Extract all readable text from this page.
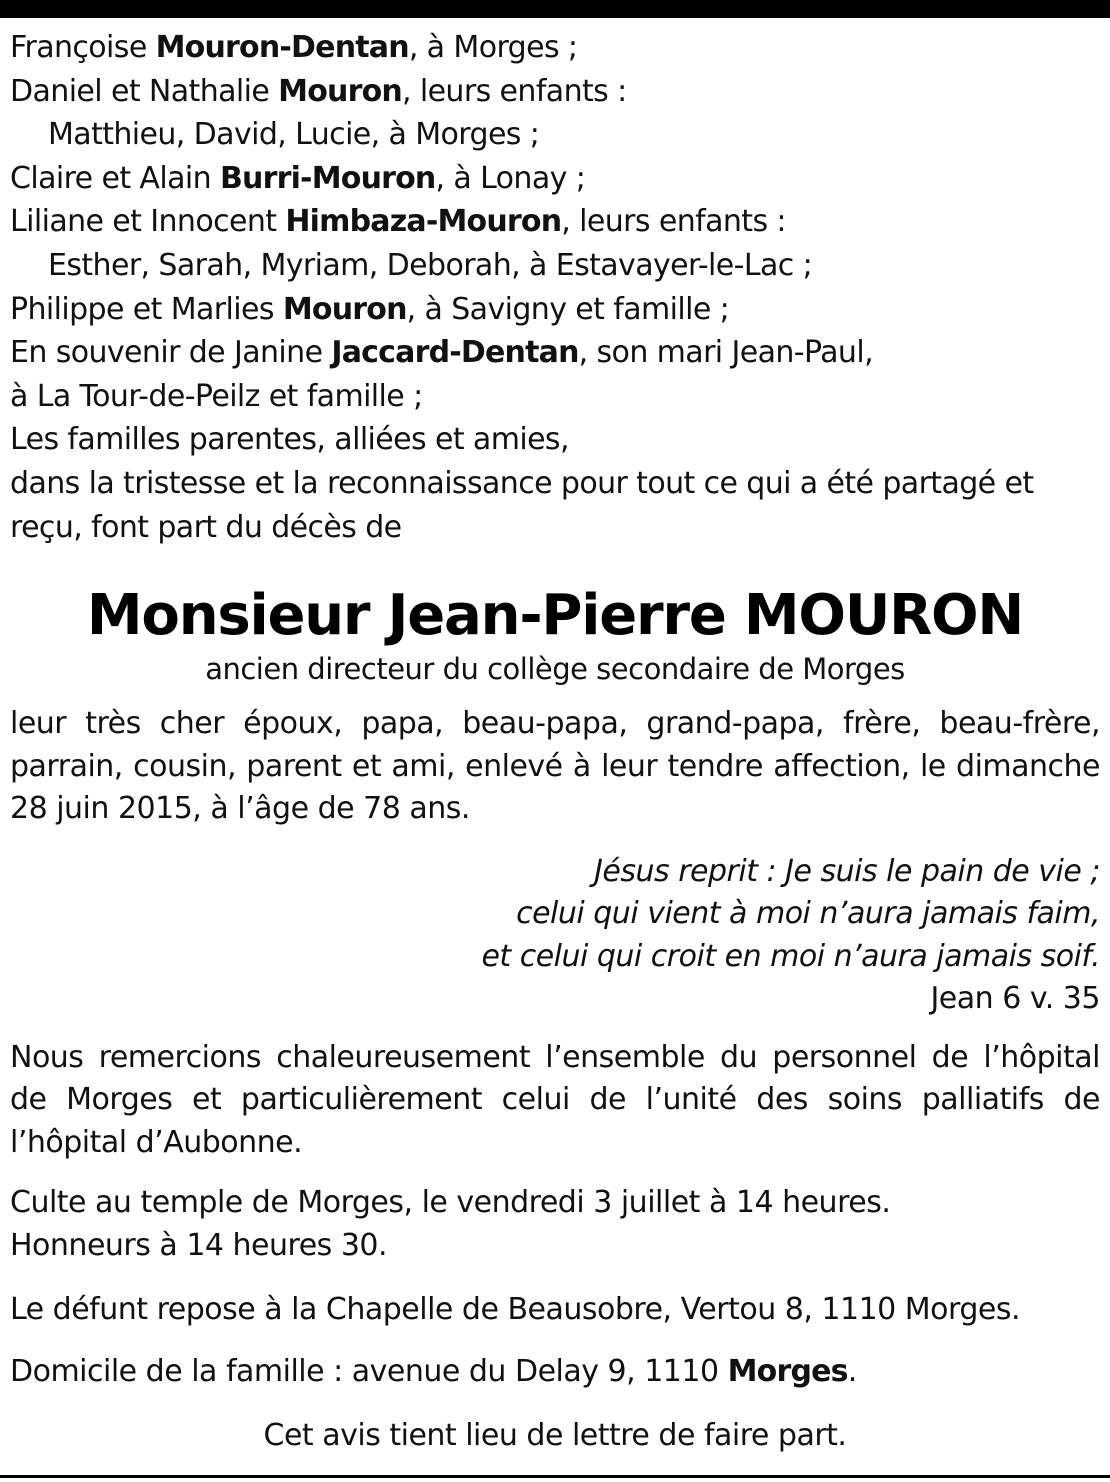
Françoise Mouron-Dentan, à Morges ;
Daniel et Nathalie Mouron, leurs enfants :
Matthieu, David, Lucie, à Morges ;
Claire et Alain Burri-Mouron, à Lonay ;
Liliane et Innocent Himbaza-Mouron, leurs enfants :
Esther, Sarah, Myriam, Deborah, à Estavayer-le-Lac ;
Philippe et Marlies Mouron, à Savigny et famille ;
En souvenir de Janine Jaccard-Dentan, son mari Jean-Paul,
à La Tour-de-Peilz et famille ;
Les familles parentes, alliées et amies,
dans la tristesse et la reconnaissance pour tout ce qui a été partagé et
reçu, font part du décès de
Monsieur Jean-Pierre MOURON
ancien directeur du collège secondaire de Morges
leur très cher époux, papa, beau-papa, grand-papa, frère, beau-frère, parrain, cousin, parent et ami, enlevé à leur tendre affection, le dimanche 28 juin 2015, à l’âge de 78 ans.
Jésus reprit : Je suis le pain de vie ;
celui qui vient à moi n’aura jamais faim,
et celui qui croit en moi n’aura jamais soif.
Jean 6 v. 35
Nous remercions chaleureusement l’ensemble du personnel de l’hôpital de Morges et particulièrement celui de l’unité des soins palliatifs de l’hôpital d’Aubonne.
Culte au temple de Morges, le vendredi 3 juillet à 14 heures.
Honneurs à 14 heures 30.
Le défunt repose à la Chapelle de Beausobre, Vertou 8, 1110 Morges.
Domicile de la famille : avenue du Delay 9, 1110 Morges.
Cet avis tient lieu de lettre de faire part.
